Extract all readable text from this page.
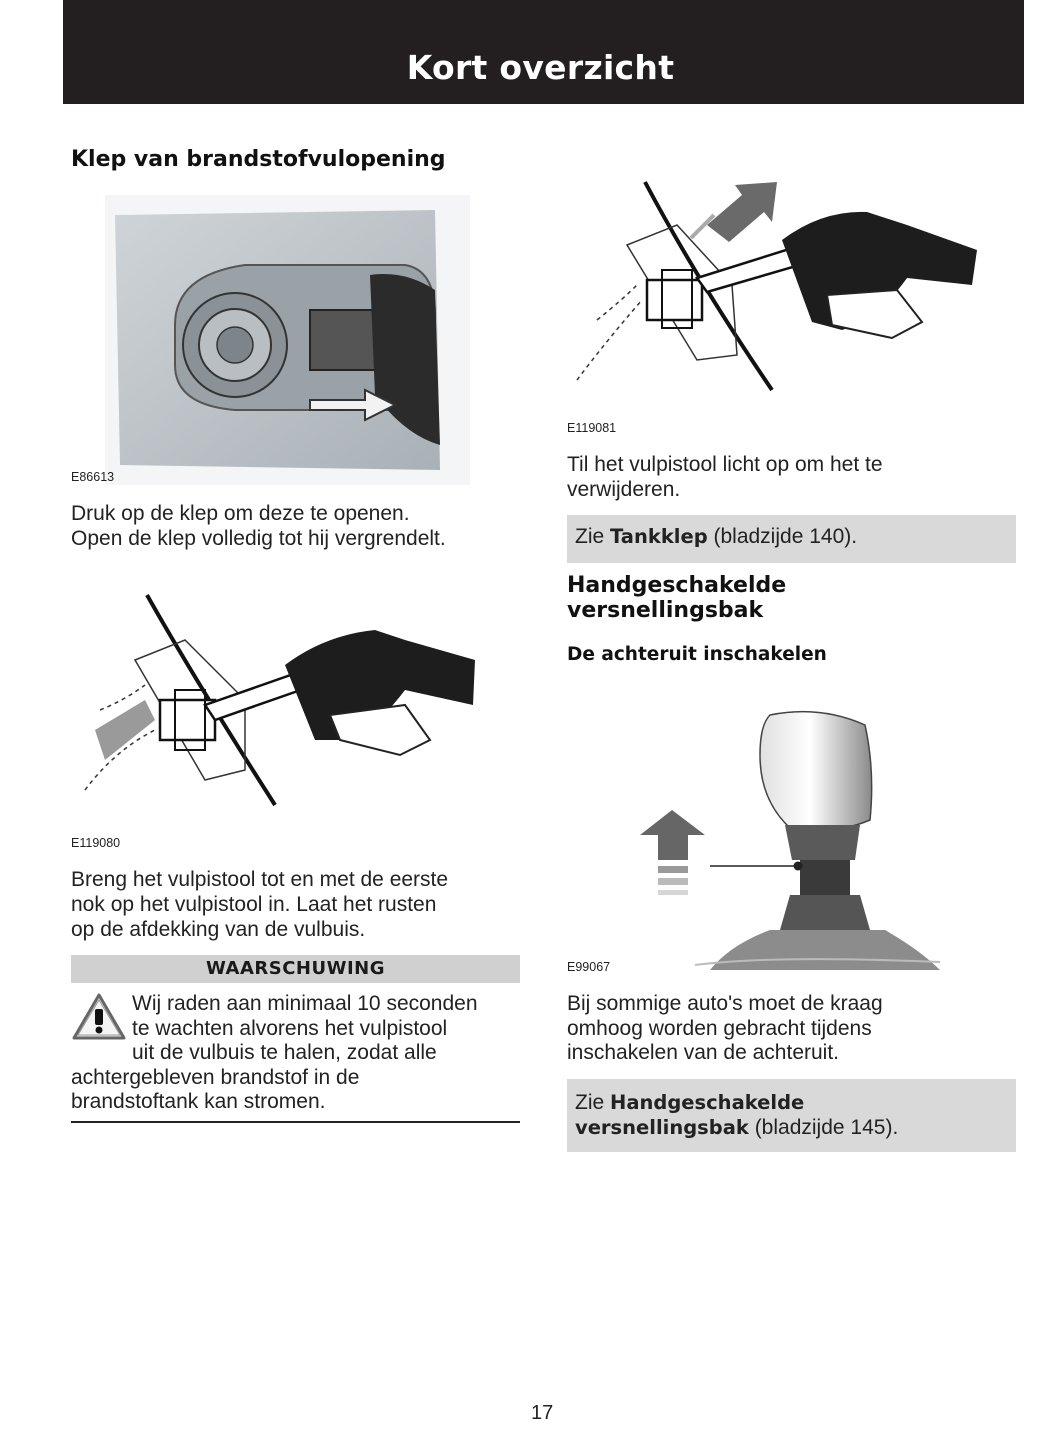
Kort overzicht
Klep van brandstofvulopening
E86613

Druk op de klep om deze te openen.

Open de klep volledig tot hij vergrendelt.

E119080

Breng het vulpistool tot en met de eerste

nok op het vulpistool in. Laat het rusten

op de afdekking van de vulbuis.

WAARSCHUWING

Wij raden aan minimaal 10 seconden

te wachten alvorens het vulpistool

uit de vulbuis te halen, zodat alle

achtergebleven brandstof in de

brandstoftank kan stromen.

E119081

Til het vulpistool licht op om het te

verwijderen.

Zie Tankklep (bladzijde 140).
Handgeschakelde
versnellingsbak
De achteruit inschakelen
E99067

Bij sommige auto's moet de kraag

omhoog worden gebracht tijdens

inschakelen van de achteruit.

Zie Handgeschakelde
versnellingsbak (bladzijde 145).
17
